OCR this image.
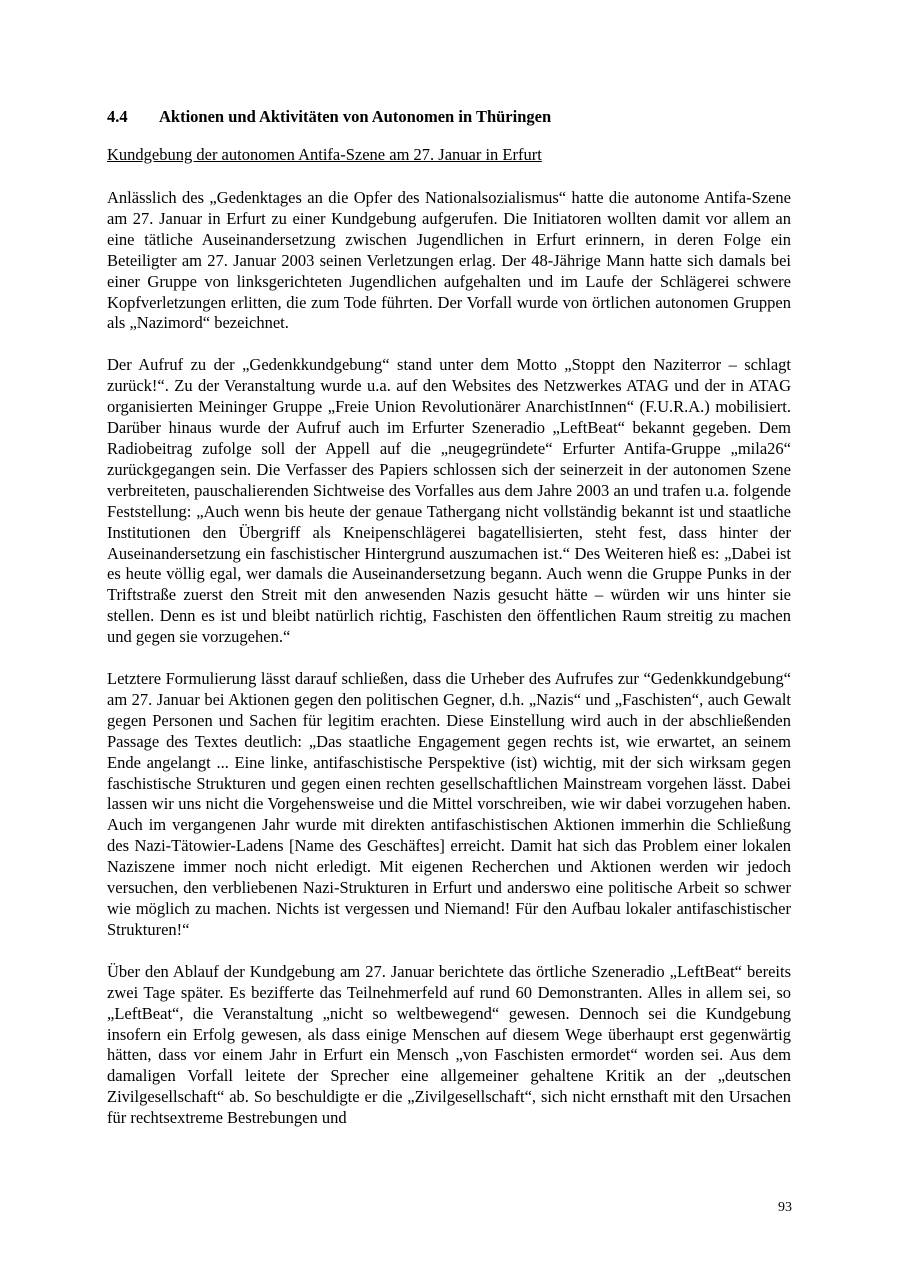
4.4	Aktionen und Aktivitäten von Autonomen in Thüringen
Kundgebung der autonomen Antifa-Szene am 27. Januar in Erfurt

Anlässlich des „Gedenktages an die Opfer des Nationalsozialismus“ hatte die autonome Antifa-Szene am 27. Januar in Erfurt zu einer Kundgebung aufgerufen. Die Initiatoren wollten damit vor allem an eine tätliche Auseinandersetzung zwischen Jugendlichen in Erfurt erinnern, in deren Folge ein Beteiligter am 27. Januar 2003 seinen Verletzungen erlag. Der 48-Jährige Mann hatte sich damals bei einer Gruppe von linksgerichteten Jugendlichen aufgehalten und im Laufe der Schlägerei schwere Kopfverletzungen erlitten, die zum Tode führten. Der Vorfall wurde von örtlichen autonomen Gruppen als „Nazimord“ bezeichnet.

Der Aufruf zu der „Gedenkkundgebung“ stand unter dem Motto „Stoppt den Naziterror – schlagt zurück!“. Zu der Veranstaltung wurde u.a. auf den Websites des Netzwerkes ATAG und der in ATAG organisierten Meininger Gruppe „Freie Union Revolutionärer AnarchistInnen“ (F.U.R.A.) mobilisiert. Darüber hinaus wurde der Aufruf auch im Erfurter Szeneradio „LeftBeat“ bekannt gegeben. Dem Radiobeitrag zufolge soll der Appell auf die „neugegründete“ Erfurter Antifa-Gruppe „mila26“ zurückgegangen sein. Die Verfasser des Papiers schlossen sich der seinerzeit in der autonomen Szene verbreiteten, pauschalierenden Sichtweise des Vorfalles aus dem Jahre 2003 an und trafen u.a. folgende Feststellung: „Auch wenn bis heute der genaue Tathergang nicht vollständig bekannt ist und staatliche Institutionen den Übergriff als Kneipenschlägerei bagatellisierten, steht fest, dass hinter der Auseinandersetzung ein faschistischer Hintergrund auszumachen ist.“ Des Weiteren hieß es: „Dabei ist es heute völlig egal, wer damals die Auseinandersetzung begann. Auch wenn die Gruppe Punks in der Triftstraße zuerst den Streit mit den anwesenden Nazis gesucht hätte – würden wir uns hinter sie stellen. Denn es ist und bleibt natürlich richtig, Faschisten den öffentlichen Raum streitig zu machen und gegen sie vorzugehen.“

Letztere Formulierung lässt darauf schließen, dass die Urheber des Aufrufes zur “Gedenkkundgebung“ am 27. Januar bei Aktionen gegen den politischen Gegner, d.h. „Nazis“ und „Faschisten“, auch Gewalt gegen Personen und Sachen für legitim erachten. Diese Einstellung wird auch in der abschließenden Passage des Textes deutlich: „Das staatliche Engagement gegen rechts ist, wie erwartet, an seinem Ende angelangt ... Eine linke, antifaschistische Perspektive (ist) wichtig, mit der sich wirksam gegen faschistische Strukturen und gegen einen rechten gesellschaftlichen Mainstream vorgehen lässt. Dabei lassen wir uns nicht die Vorgehensweise und die Mittel vorschreiben, wie wir dabei vorzugehen haben. Auch im vergangenen Jahr wurde mit direkten antifaschistischen Aktionen immerhin die Schließung des Nazi-Tätowier-Ladens [Name des Geschäftes] erreicht. Damit hat sich das Problem einer lokalen Naziszene immer noch nicht erledigt. Mit eigenen Recherchen und Aktionen werden wir jedoch versuchen, den verbliebenen Nazi-Strukturen in Erfurt und anderswo eine politische Arbeit so schwer wie möglich zu machen. Nichts ist vergessen und Niemand! Für den Aufbau lokaler antifaschistischer Strukturen!“

Über den Ablauf der Kundgebung am 27. Januar berichtete das örtliche Szeneradio „LeftBeat“ bereits zwei Tage später. Es bezifferte das Teilnehmerfeld auf rund 60 Demonstranten. Alles in allem sei, so „LeftBeat“, die Veranstaltung „nicht so weltbewegend“ gewesen. Dennoch sei die Kundgebung insofern ein Erfolg gewesen, als dass einige Menschen auf diesem Wege überhaupt erst gegenwärtig hätten, dass vor einem Jahr in Erfurt ein Mensch „von Faschisten ermordet“ worden sei. Aus dem damaligen Vorfall leitete der Sprecher eine allgemeiner gehaltene Kritik an der „deutschen Zivilgesellschaft“ ab. So beschuldigte er die „Zivilgesellschaft“, sich nicht ernsthaft mit den Ursachen für rechtsextreme Bestrebungen und

93
